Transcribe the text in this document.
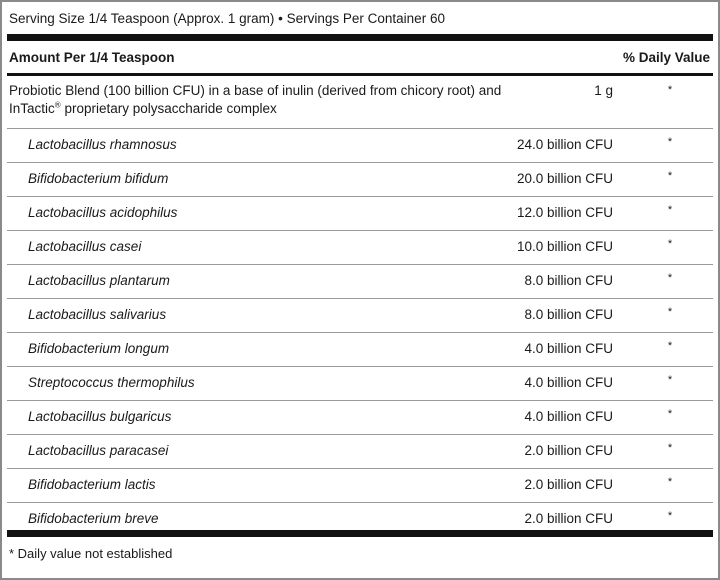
Serving Size 1/4 Teaspoon (Approx. 1 gram) • Servings Per Container 60
Amount Per 1/4 Teaspoon	% Daily Value
Probiotic Blend (100 billion CFU) in a base of inulin (derived from chicory root) and
InTactic® proprietary polysaccharide complex
1 g	*
Lactobacillus rhamnosus	24.0 billion CFU	*
Bifidobacterium bifidum	20.0 billion CFU	*
Lactobacillus acidophilus	12.0 billion CFU	*
Lactobacillus casei	10.0 billion CFU	*
Lactobacillus plantarum	8.0 billion CFU	*
Lactobacillus salivarius	8.0 billion CFU	*
Bifidobacterium longum	4.0 billion CFU	*
Streptococcus thermophilus	4.0 billion CFU	*
Lactobacillus bulgaricus	4.0 billion CFU	*
Lactobacillus paracasei	2.0 billion CFU	*
Bifidobacterium lactis	2.0 billion CFU	*
Bifidobacterium breve	2.0 billion CFU	*
* Daily value not established
